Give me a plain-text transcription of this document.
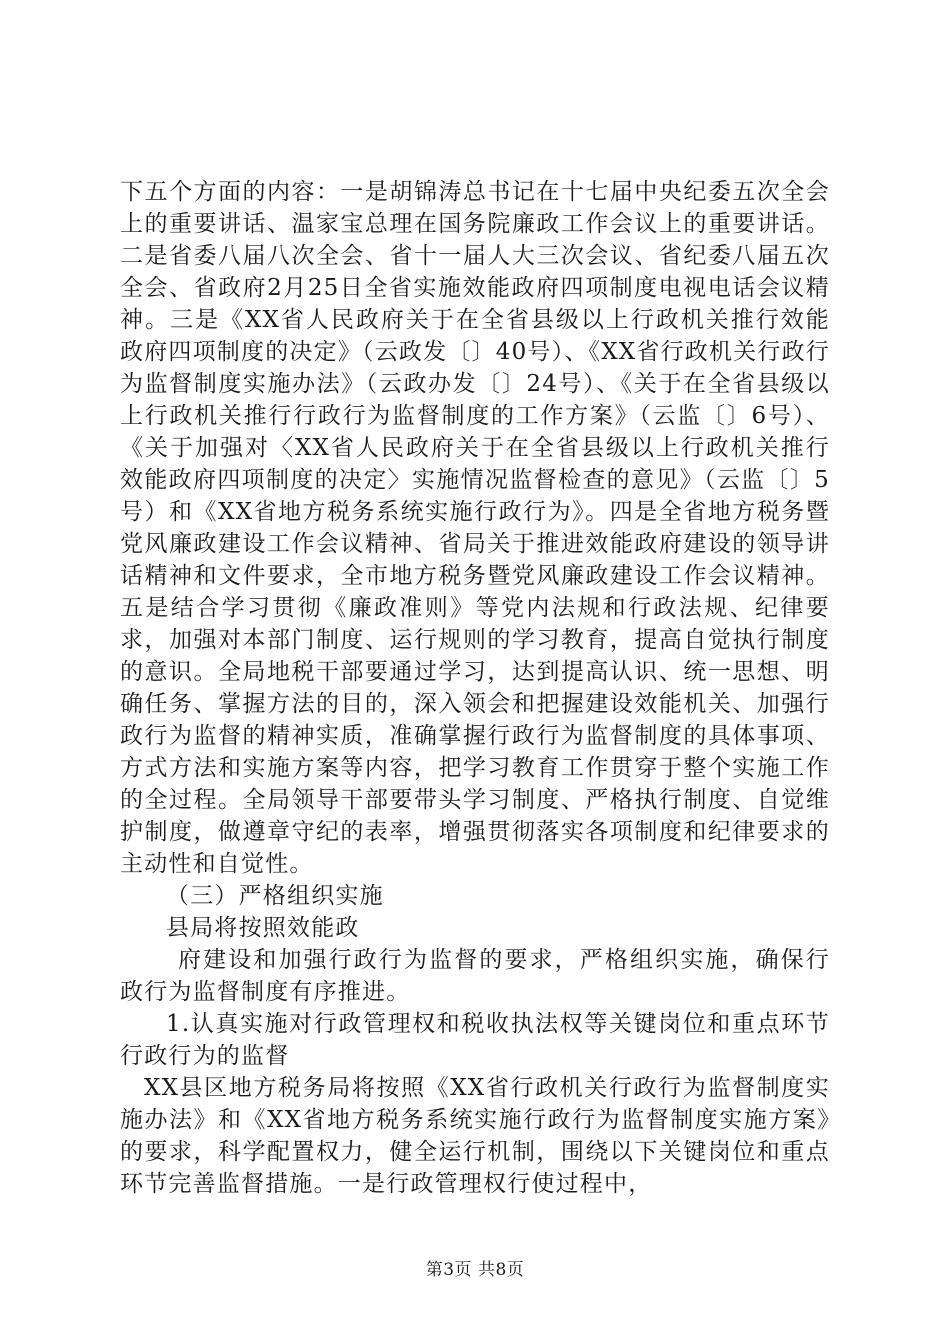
下五个方面的内容：一是胡锦涛总书记在十七届中央纪委五次全会上的重要讲话、温家宝总理在国务院廉政工作会议上的重要讲话。二是省委八届八次全会、省十一届人大三次会议、省纪委八届五次全会、省政府2月25日全省实施效能政府四项制度电视电话会议精神。三是《XX省人民政府关于在全省县级以上行政机关推行效能政府四项制度的决定》（云政发〔〕40号）、《XX省行政机关行政行为监督制度实施办法》（云政办发〔〕24号）、《关于在全省县级以上行政机关推行行政行为监督制度的工作方案》（云监〔〕6号）、《关于加强对〈XX省人民政府关于在全省县级以上行政机关推行效能政府四项制度的决定〉实施情况监督检查的意见》（云监〔〕5号）和《XX省地方税务系统实施行政行为》。四是全省地方税务暨党风廉政建设工作会议精神、省局关于推进效能政府建设的领导讲话精神和文件要求，全市地方税务暨党风廉政建设工作会议精神。五是结合学习贯彻《廉政准则》等党内法规和行政法规、纪律要求，加强对本部门制度、运行规则的学习教育，提高自觉执行制度的意识。全局地税干部要通过学习，达到提高认识、统一思想、明确任务、掌握方法的目的，深入领会和把握建设效能机关、加强行政行为监督的精神实质，准确掌握行政行为监督制度的具体事项、方式方法和实施方案等内容，把学习教育工作贯穿于整个实施工作的全过程。全局领导干部要带头学习制度、严格执行制度、自觉维护制度，做遵章守纪的表率，增强贯彻落实各项制度和纪律要求的主动性和自觉性。

（三）严格组织实施

县局将按照效能政

府建设和加强行政行为监督的要求，严格组织实施，确保行政行为监督制度有序推进。

1.认真实施对行政管理权和税收执法权等关键岗位和重点环节行政行为的监督

XX县区地方税务局将按照《XX省行政机关行政行为监督制度实施办法》和《XX省地方税务系统实施行政行为监督制度实施方案》的要求，科学配置权力，健全运行机制，围绕以下关键岗位和重点环节完善监督措施。一是行政管理权行使过程中，

第3页 共8页
